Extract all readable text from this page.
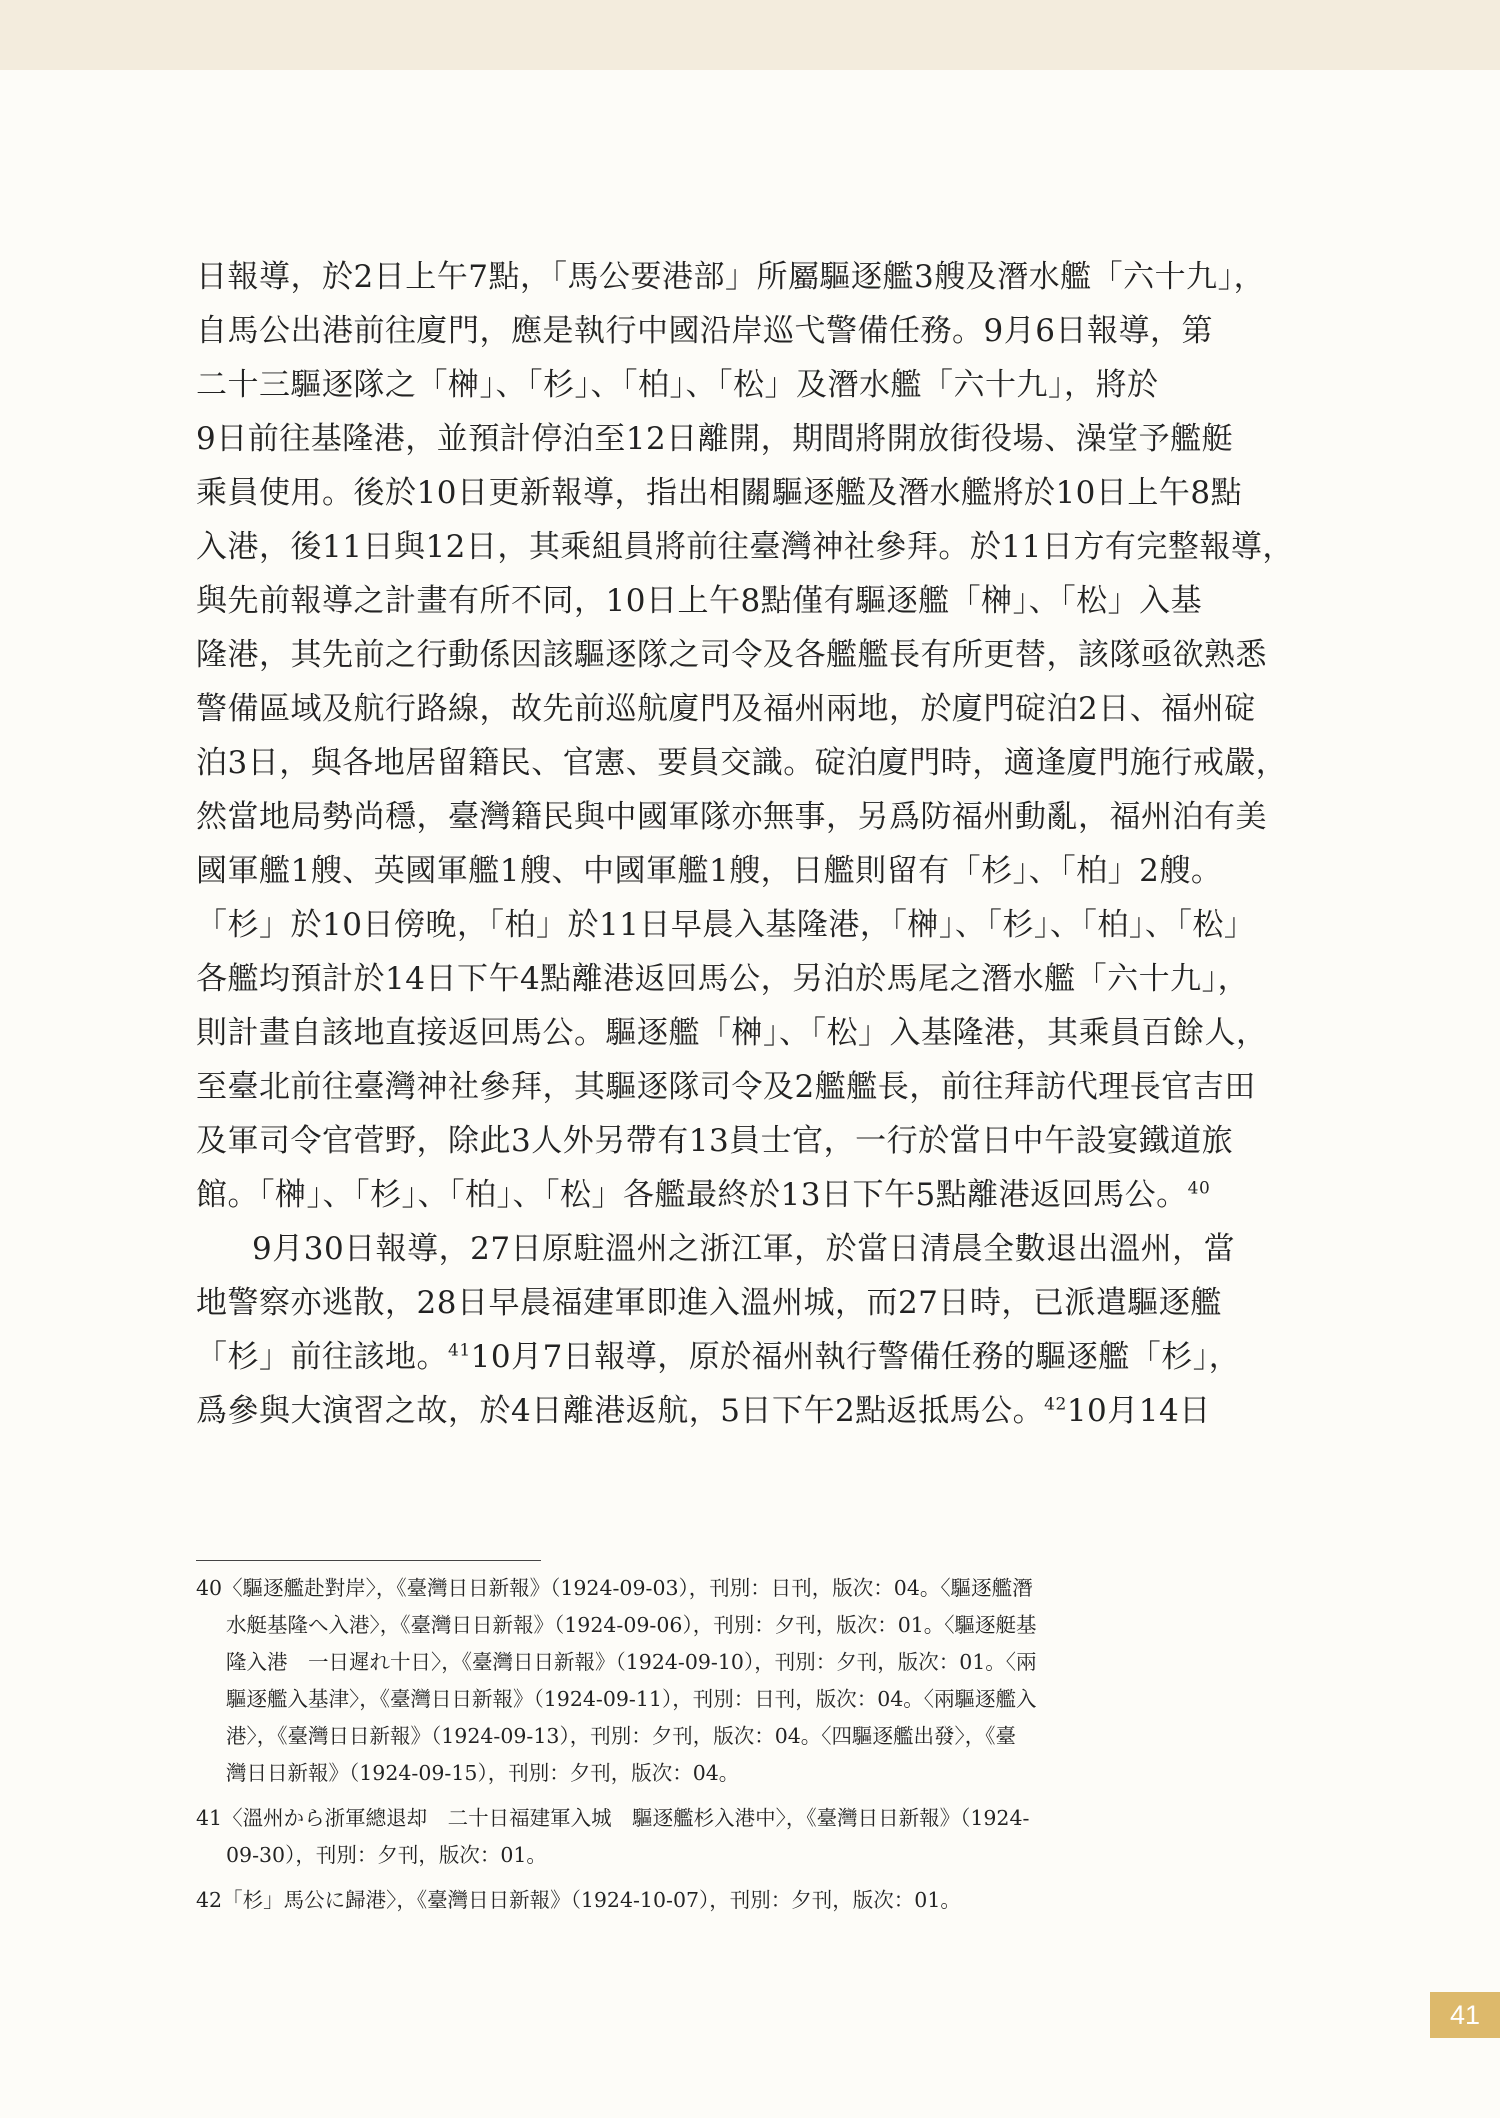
日報導，於2日上午7點，「馬公要港部」所屬驅逐艦3艘及潛水艦「六十九」，
自馬公出港前往廈門，應是執行中國沿岸巡弋警備任務。9月6日報導，第
二十三驅逐隊之「榊」、「杉」、「柏」、「松」及潛水艦「六十九」，將於
9日前往基隆港，並預計停泊至12日離開，期間將開放街役場、澡堂予艦艇
乘員使用。後於10日更新報導，指出相關驅逐艦及潛水艦將於10日上午8點
入港，後11日與12日，其乘組員將前往臺灣神社參拜。於11日方有完整報導，
與先前報導之計畫有所不同，10日上午8點僅有驅逐艦「榊」、「松」入基
隆港，其先前之行動係因該驅逐隊之司令及各艦艦長有所更替，該隊亟欲熟悉
警備區域及航行路線，故先前巡航廈門及福州兩地，於廈門碇泊2日、福州碇
泊3日，與各地居留籍民、官憲、要員交識。碇泊廈門時，適逢廈門施行戒嚴，
然當地局勢尚穩，臺灣籍民與中國軍隊亦無事，另爲防福州動亂，福州泊有美
國軍艦1艘、英國軍艦1艘、中國軍艦1艘，日艦則留有「杉」、「柏」2艘。
「杉」於10日傍晚，「柏」於11日早晨入基隆港，「榊」、「杉」、「柏」、「松」
各艦均預計於14日下午4點離港返回馬公，另泊於馬尾之潛水艦「六十九」，
則計畫自該地直接返回馬公。驅逐艦「榊」、「松」入基隆港，其乘員百餘人，
至臺北前往臺灣神社參拜，其驅逐隊司令及2艦艦長，前往拜訪代理長官吉田
及軍司令官菅野，除此3人外另帶有13員士官，一行於當日中午設宴鐵道旅
館。「榊」、「杉」、「柏」、「松」各艦最終於13日下午5點離港返回馬公。$^{40}$
9月30日報導，27日原駐溫州之浙江軍，於當日清晨全數退出溫州，當
地警察亦逃散，28日早晨福建軍即進入溫州城，而27日時，已派遣驅逐艦
「杉」前往該地。$^{41}$10月7日報導，原於福州執行警備任務的驅逐艦「杉」，
爲參與大演習之故，於4日離港返航，5日下午2點返抵馬公。$^{42}$10月14日
40〈驅逐艦赴對岸〉，《臺灣日日新報》（1924-09-03），刊別：日刊，版次：04。〈驅逐艦潛
水艇基隆へ入港〉，《臺灣日日新報》（1924-09-06），刊別：夕刊，版次：01。〈驅逐艇基
隆入港　一日遲れ十日〉，《臺灣日日新報》（1924-09-10），刊別：夕刊，版次：01。〈兩
驅逐艦入基津〉，《臺灣日日新報》（1924-09-11），刊別：日刊，版次：04。〈兩驅逐艦入
港〉，《臺灣日日新報》（1924-09-13），刊別：夕刊，版次：04。〈四驅逐艦出發〉，《臺
灣日日新報》（1924-09-15），刊別：夕刊，版次：04。
41〈溫州から浙軍總退却　二十日福建軍入城　驅逐艦杉入港中〉，《臺灣日日新報》（1924-
09-30），刊別：夕刊，版次：01。
42「杉」馬公に歸港〉，《臺灣日日新報》（1924-10-07），刊別：夕刊，版次：01。
41
